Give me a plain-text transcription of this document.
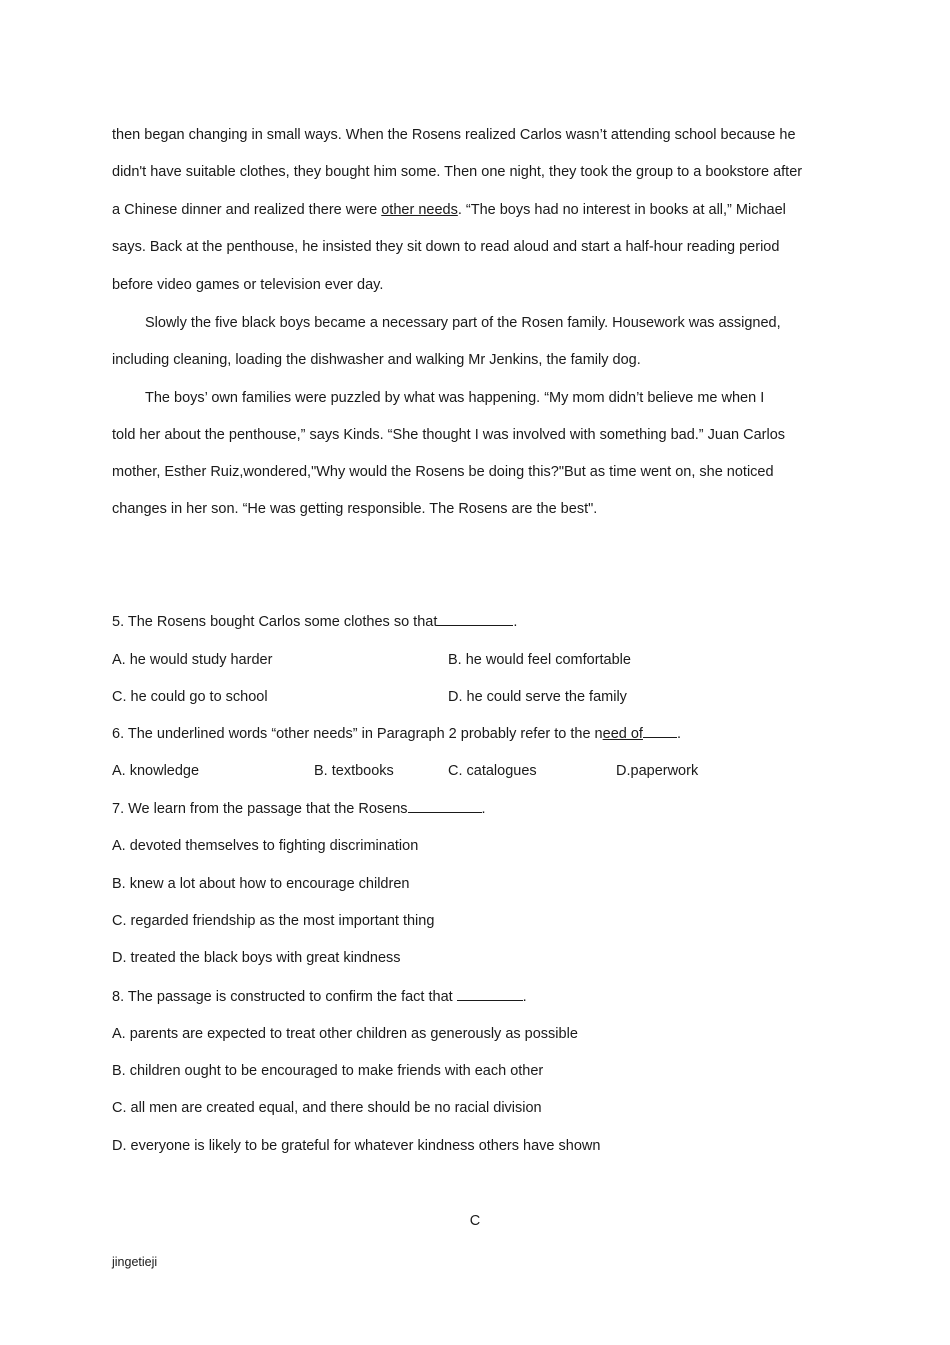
then began changing in small ways. When the Rosens realized Carlos wasn’t attending school because he
didn't have suitable clothes, they bought him some. Then one night, they took the group to a bookstore after
a Chinese dinner and realized there were other needs. “The boys had no interest in books at all,” Michael
says. Back at the penthouse, he insisted they sit down to read aloud and start a half-hour reading period
before video games or television ever day.
Slowly the five black boys became a necessary part of the Rosen family. Housework was assigned,
including cleaning, loading the dishwasher and walking Mr Jenkins, the family dog.
The boys’ own families were puzzled by what was happening. “My mom didn’t believe me when I
told her about the penthouse,” says Kinds. “She thought I was involved with something bad.” Juan Carlos
mother, Esther Ruiz,wondered,"Why would the Rosens be doing this?"But as time went on, she noticed
changes in her son. “He was getting responsible. The Rosens are the best".
5. The Rosens bought Carlos some clothes so that	.
A. he would study harder	B. he would feel comfortable
C. he could go to school	D. he could serve the family
6. The underlined words “other needs” in Paragraph 2 probably refer to the need of .
A. knowledge	B. textbooks	C. catalogues	D.paperwork
7. We learn from the passage that the Rosens	.
A. devoted themselves to fighting discrimination
B. knew a lot about how to encourage children
C. regarded friendship as the most important thing
D. treated the black boys with great kindness
8. The passage is constructed to confirm the fact that	.
A. parents are expected to treat other children as generously as possible
B. children ought to be encouraged to make friends with each other
C. all men are created equal, and there should be no racial division
D. everyone is likely to be grateful for whatever kindness others have shown
C
jingetieji
